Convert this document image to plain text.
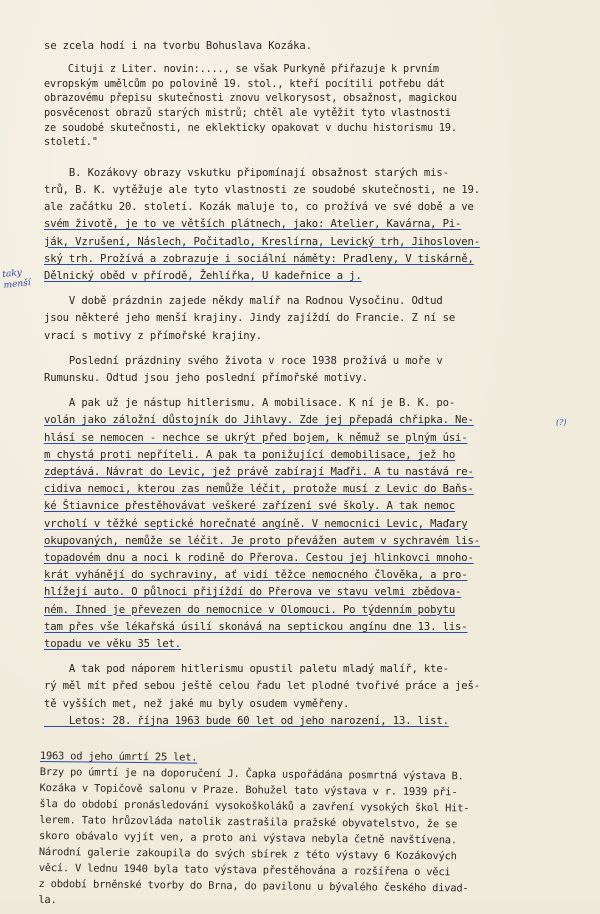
taky menší
(?)
se zcela hodí i na tvorbu Bohuslava Kozáka.
Cituji z Liter. novin:...., se však Purkyně přiřazuje k prvním
evropským umělcům po polovině 19. stol., kteří pocítili potřebu dát
obrazovému přepisu skutečnosti znovu velkorysost, obsažnost, magickou
posvěcenost obrazů starých mistrů; chtěl ale vytěžit tyto vlastnosti
ze soudobé skutečnosti, ne eklekticky opakovat v duchu historismu 19.
století."
B. Kozákovy obrazy vskutku připomínají obsažnost starých mis-
trů, B. K. vytěžuje ale tyto vlastnosti ze soudobé skutečnosti, ne 19.
ale začátku 20. století. Kozák maluje to, co prožívá ve své době a ve
svém životě, je to ve větších plátnech, jako: Atelier, Kavárna, Pi-
ják, Vzrušení, Náslech, Počitadlo, Kreslírna, Levický trh, Jihosloven-
ský trh. Prožívá a zobrazuje i sociální náměty: Pradleny, V tiskárně,
Dělnický oběd v přírodě, Žehlířka, U kadeřnice a j.
V době prázdnin zajede někdy malíř na Rodnou Vysočinu. Odtud
jsou některé jeho menší krajiny. Jindy zajíždí do Francie. Z ní se
vrací s motivy z přímořské krajiny.
Poslední prázdniny svého života v roce 1938 prožívá u moře v
Rumunsku. Odtud jsou jeho poslední přímořské motivy.
A pak už je nástup hitlerismu. A mobilisace. K ní je B. K. po-
volán jako záložní důstojník do Jihlavy. Zde jej přepadá chřipka. Ne-
hlásí se nemocen - nechce se ukrýt před bojem, k němuž se plným úsi-
m chystá proti nepříteli. A pak ta ponižující demobilisace, jež ho
zdeptává. Návrat do Levic, jež právě zabírají Maďři. A tu nastává re-
cidiva nemoci, kterou zas nemůže léčit, protože musí z Levic do Baňs-
ké Štiavnice přestěhovávat veškeré zařízení své školy. A tak nemoc
vrcholí v těžké septické horečnaté angíně. V nemocnici Levic, Maďary
okupovaných, nemůže se léčit. Je proto převážen autem v sychravém lis-
topadovém dnu a noci k rodině do Přerova. Cestou jej hlinkovci mnoho-
krát vyhánějí do sychraviny, ať vidí těžce nemocného člověka, a pro-
hlížejí auto. O půlnoci přijíždí do Přerova ve stavu velmi zbědova-
ném. Ihned je převezen do nemocnice v Olomouci. Po týdenním pobytu
tam přes vše lékařská úsilí skonává na septickou angínu dne 13. lis-
topadu ve věku 35 let.
A tak pod náporem hitlerismu opustil paletu mladý malíř, kte-
rý měl mít před sebou ještě celou řadu let plodné tvořivé práce a ješ-
tě vyšších met, než jaké mu byly osudem vyměřeny.
Letos: 28. října 1963 bude 60 let od jeho narození, 13. list.
1963 od jeho úmrtí 25 let.
Brzy po úmrtí je na doporučení J. Čapka uspořádána posmrtná výstava B.
Kozáka v Topičově salonu v Praze. Bohužel tato výstava v r. 1939 při-
šla do období pronásledování vysokoškoláků a zavření vysokých škol Hit-
lerem. Tato hrůzovláda natolik zastrašila pražské obyvatelstvo, že se
skoro obávalo vyjít ven, a proto ani výstava nebyla četně navštívena.
Národní galerie zakoupila do svých sbírek z této výstavy 6 Kozákových
věcí. V lednu 1940 byla tato výstava přestěhována a rozšířena o věci
z období brněnské tvorby do Brna, do pavilonu u bývalého českého divad-
la.
